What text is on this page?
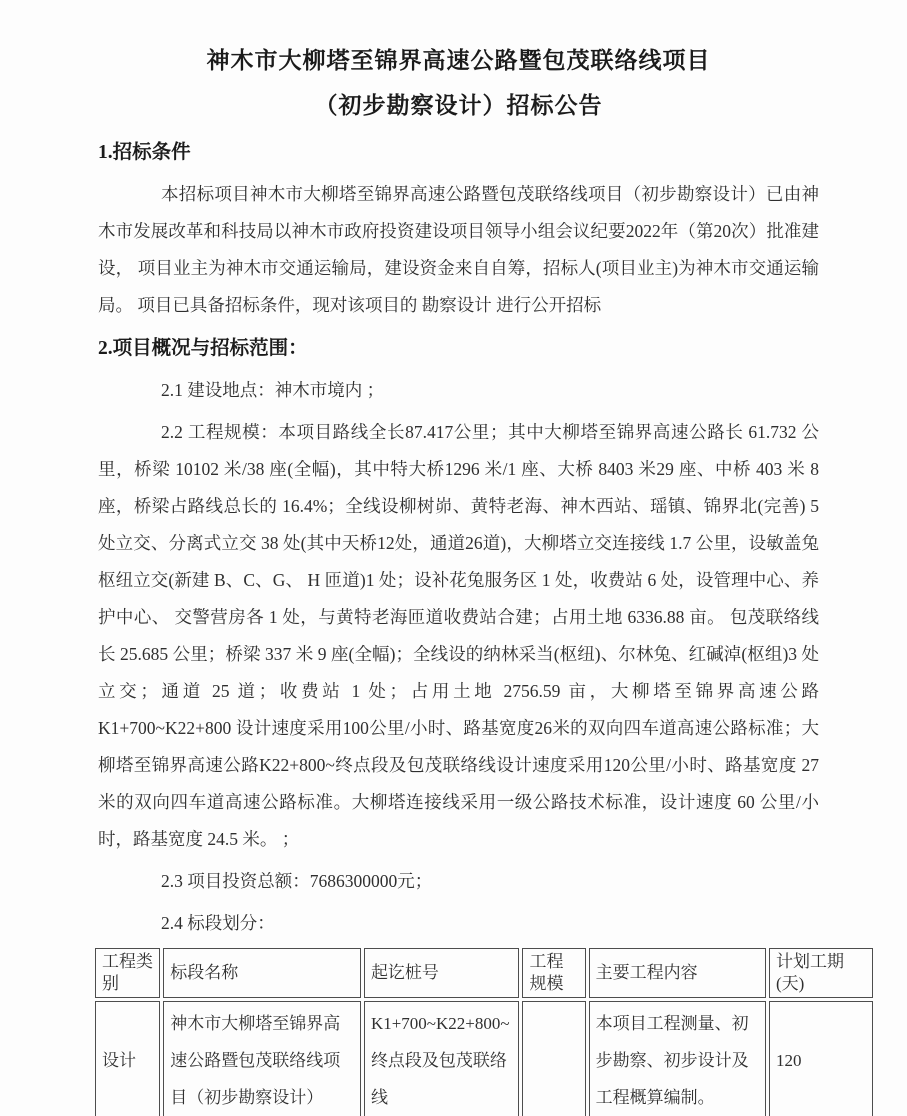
神木市大柳塔至锦界高速公路暨包茂联络线项目
（初步勘察设计）招标公告
1.招标条件

本招标项目神木市大柳塔至锦界高速公路暨包茂联络线项目（初步勘察设计）已由神木市发展改革和科技局以神木市政府投资建设项目领导小组会议纪要2022年（第20次）批准建设， 项目业主为神木市交通运输局，建设资金来自自筹，招标人(项目业主)为神木市交通运输局。 项目已具备招标条件，现对该项目的 勘察设计 进行公开招标

2.项目概况与招标范围：

2.1 建设地点：神木市境内 ；

2.2 工程规模：本项目路线全长87.417公里；其中大柳塔至锦界高速公路长 61.732 公里，桥梁 10102 米/38 座(全幅)，其中特大桥1296 米/1 座、大桥 8403 米29 座、中桥 403 米 8 座，桥梁占路线总长的 16.4%；全线设柳树峁、黄特老海、神木西站、瑶镇、锦界北(完善) 5 处立交、分离式立交 38 处(其中天桥12处，通道26道)，大柳塔立交连接线 1.7 公里，设敏盖兔枢纽立交(新建 B、C、G、 H 匝道)1 处；设补花兔服务区 1 处，收费站 6 处，设管理中心、养护中心、 交警营房各 1 处，与黄特老海匝道收费站合建；占用土地 6336.88 亩。 包茂联络线长 25.685 公里；桥梁 337 米 9 座(全幅)；全线设的纳林采当(枢纽)、尔林兔、红碱淖(枢组)3 处立交；通道 25 道；收费站 1 处；占用土地 2756.59 亩，大柳塔至锦界高速公路 K1+700~K22+800 设计速度采用100公里/小时、路基宽度26米的双向四车道高速公路标准；大柳塔至锦界高速公路K22+800~终点段及包茂联络线设计速度采用120公里/小时、路基宽度 27 米的双向四车道高速公路标准。大柳塔连接线采用一级公路技术标准，设计速度 60 公里/小时，路基宽度 24.5 米。 ；

2.3 项目投资总额：7686300000元；

2.4 标段划分：

工程类别	标段名称	起讫桩号	工程规模	主要工程内容	计划工期(天)
设计	神木市大柳塔至锦界高速公路暨包茂联络线项目（初步勘察设计）	K1+700~K22+800~终点段及包茂联络线		本项目工程测量、初步勘察、初步设计及工程概算编制。	120
